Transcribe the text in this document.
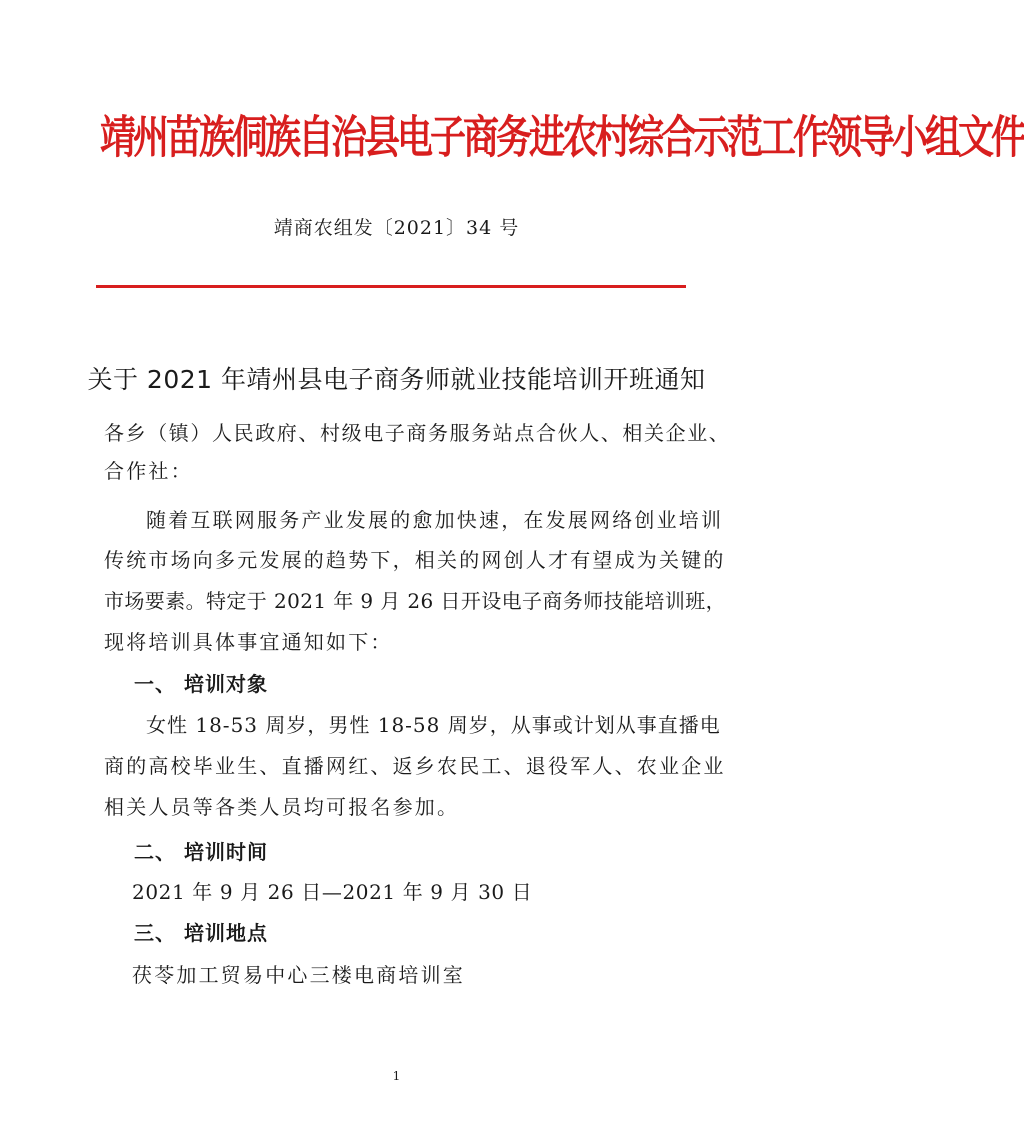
靖州苗族侗族自治县电子商务进农村综合示范工作领导小组文件
靖商农组发〔2021〕34 号
关于 2021 年靖州县电子商务师就业技能培训开班通知
各乡（镇）人民政府、村级电子商务服务站点合伙人、相关企业、
合作社：
随着互联网服务产业发展的愈加快速，在发展网络创业培训
传统市场向多元发展的趋势下，相关的网创人才有望成为关键的
市场要素。特定于 2021 年 9 月 26 日开设电子商务师技能培训班，
现将培训具体事宜通知如下：
一、 培训对象
女性 18-53 周岁，男性 18-58 周岁，从事或计划从事直播电
商的高校毕业生、直播网红、返乡农民工、退役军人、农业企业
相关人员等各类人员均可报名参加。
二、 培训时间
2021 年 9 月 26 日—2021 年 9 月 30 日
三、 培训地点
茯苓加工贸易中心三楼电商培训室
1
